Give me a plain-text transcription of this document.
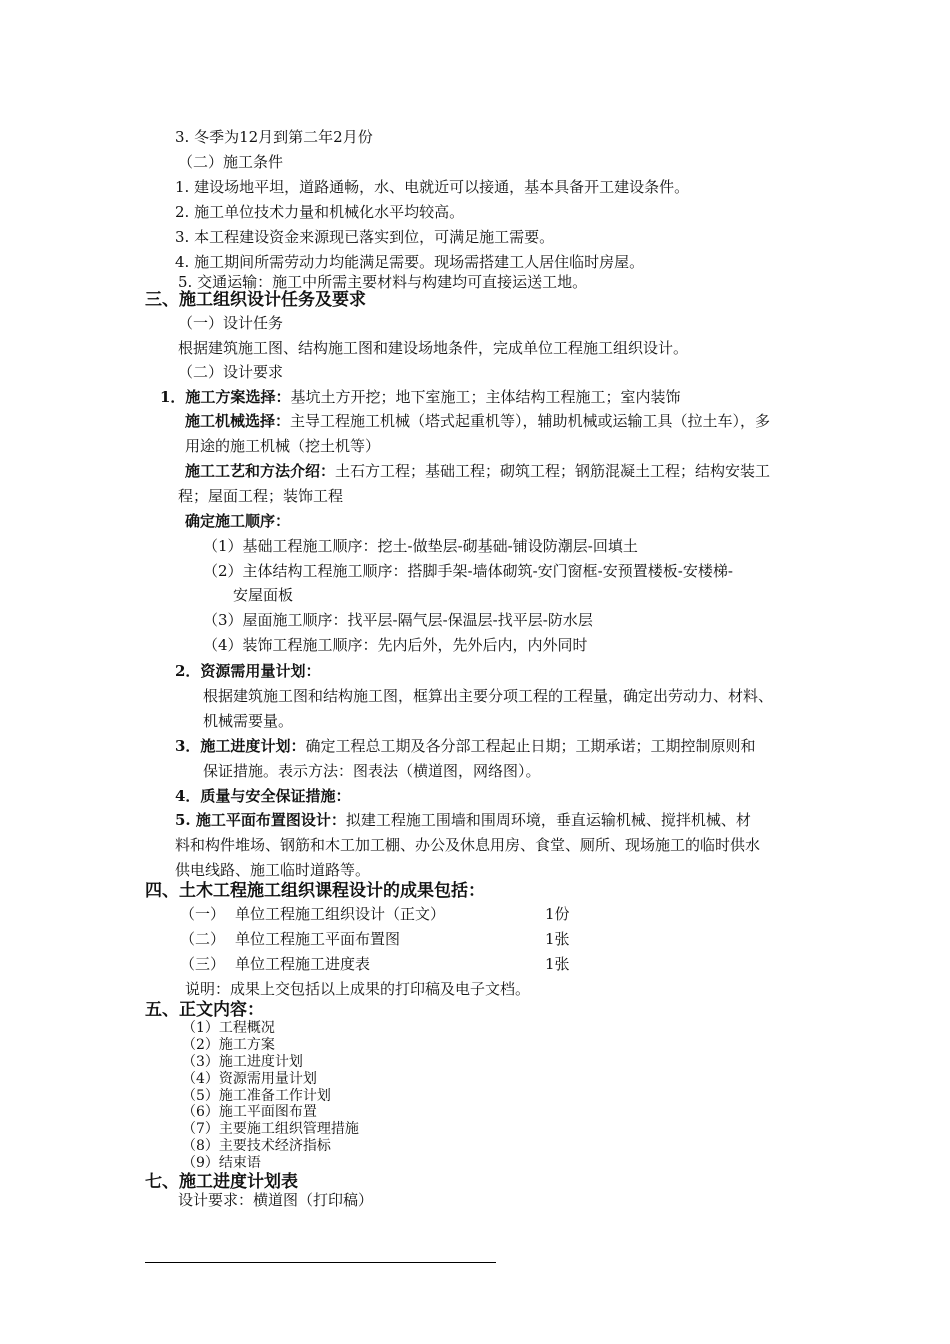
3. 冬季为12月到第二年2月份
（二）施工条件
1. 建设场地平坦，道路通畅，水、电就近可以接通，基本具备开工建设条件。
2. 施工单位技术力量和机械化水平均较高。
3. 本工程建设资金来源现已落实到位，可满足施工需要。
4. 施工期间所需劳动力均能满足需要。现场需搭建工人居住临时房屋。
5. 交通运输：施工中所需主要材料与构建均可直接运送工地。
三、施工组织设计任务及要求
（一）设计任务
根据建筑施工图、结构施工图和建设场地条件，完成单位工程施工组织设计。
（二）设计要求
1．施工方案选择：基坑土方开挖；地下室施工；主体结构工程施工；室内装饰
施工机械选择：主导工程施工机械（塔式起重机等），辅助机械或运输工具（拉土车），多
用途的施工机械（挖土机等）
施工工艺和方法介绍：土石方工程；基础工程；砌筑工程；钢筋混凝土工程；结构安装工
程；屋面工程；装饰工程
确定施工顺序：
（1）基础工程施工顺序：挖土-做垫层-砌基础-铺设防潮层-回填土
（2）主体结构工程施工顺序：搭脚手架-墙体砌筑-安门窗框-安预置楼板-安楼梯-
安屋面板
（3）屋面施工顺序：找平层-隔气层-保温层-找平层-防水层
（4）装饰工程施工顺序：先内后外，先外后内，内外同时
2．资源需用量计划：
根据建筑施工图和结构施工图，框算出主要分项工程的工程量，确定出劳动力、材料、
机械需要量。
3．施工进度计划：确定工程总工期及各分部工程起止日期；工期承诺；工期控制原则和
保证措施。表示方法：图表法（横道图，网络图）。
4．质量与安全保证措施：
5. 施工平面布置图设计：拟建工程施工围墙和围周环境，垂直运输机械、搅拌机械、材
料和构件堆场、钢筋和木工加工棚、办公及休息用房、食堂、厕所、现场施工的临时供水
供电线路、施工临时道路等。
四、土木工程施工组织课程设计的成果包括：
（一） 单位工程施工组织设计（正文）	1份
（二） 单位工程施工平面布置图	1张
（三） 单位工程施工进度表	1张
说明：成果上交包括以上成果的打印稿及电子文档。
五、正文内容：
（1）工程概况
（2）施工方案
（3）施工进度计划
（4）资源需用量计划
（5）施工准备工作计划
（6）施工平面图布置
（7）主要施工组织管理措施
（8）主要技术经济指标
（9）结束语
七、施工进度计划表
设计要求：横道图（打印稿）
